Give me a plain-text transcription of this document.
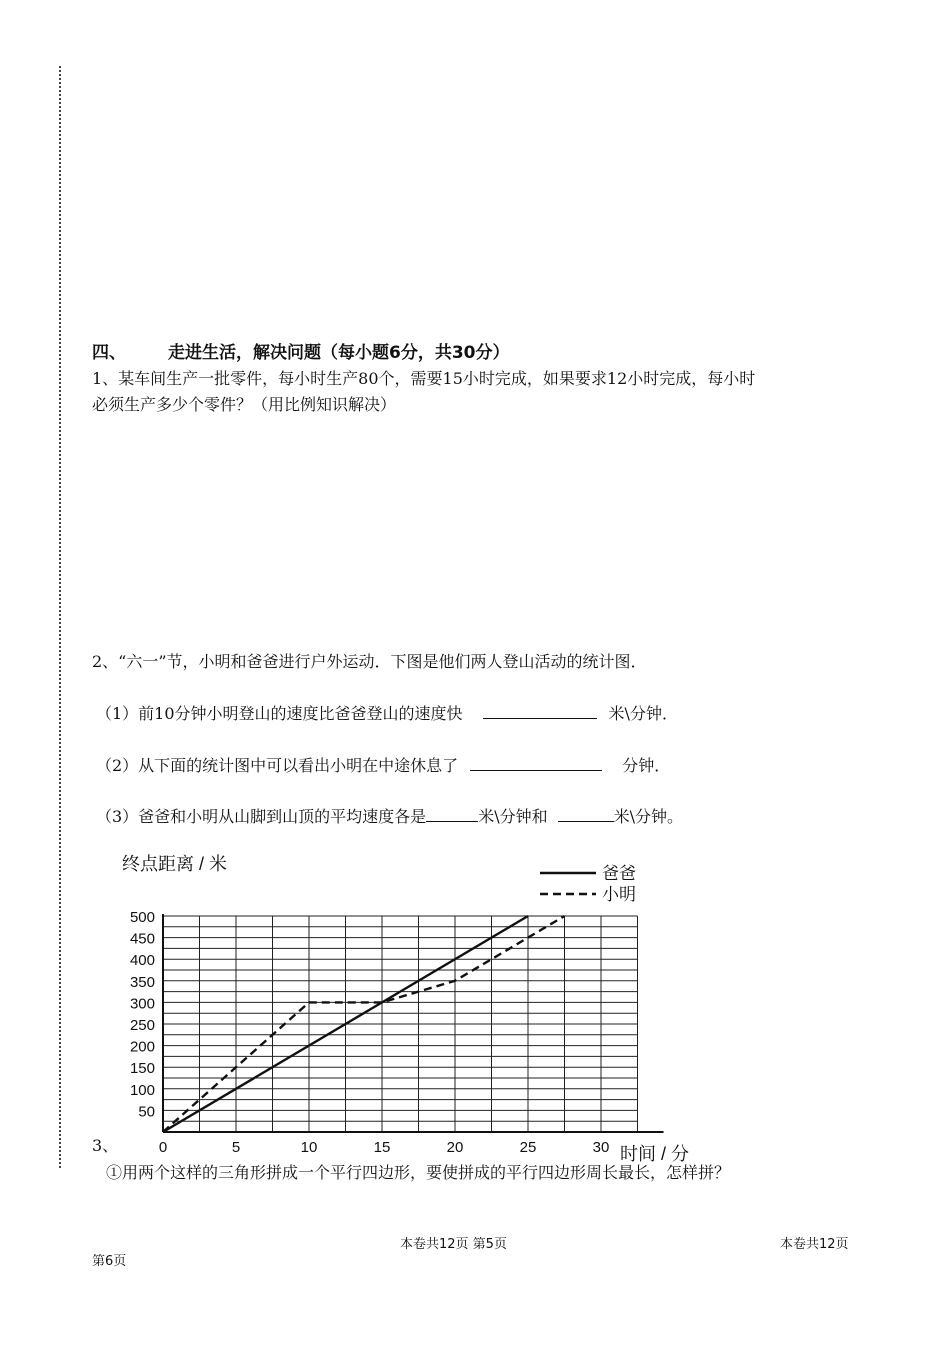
四、 走进生活，解决问题（每小题6分，共30分）
1、某车间生产一批零件，每小时生产80个，需要15小时完成，如果要求12小时完成，每小时
必须生产多少个零件？（用比例知识解决）
2、“六一”节，小明和爸爸进行户外运动．下图是他们两人登山活动的统计图．
（1）前10分钟小明登山的速度比爸爸登山的速度快	米\分钟．
（2）从下面的统计图中可以看出小明在中途休息了	分钟．
（3）爸爸和小明从山脚到山顶的平均速度各是	米\分钟和	米\分钟。
50
100
150
200
250
300
350
400
450
500
0	5	10	15	20	25	30
终点距离 / 米
时间 / 分
爸爸
小明
3、
①用两个这样的三角形拼成一个平行四边形，要使拼成的平行四边形周长最长，怎样拼？
本卷共12页 第5页	本卷共12页
第6页
